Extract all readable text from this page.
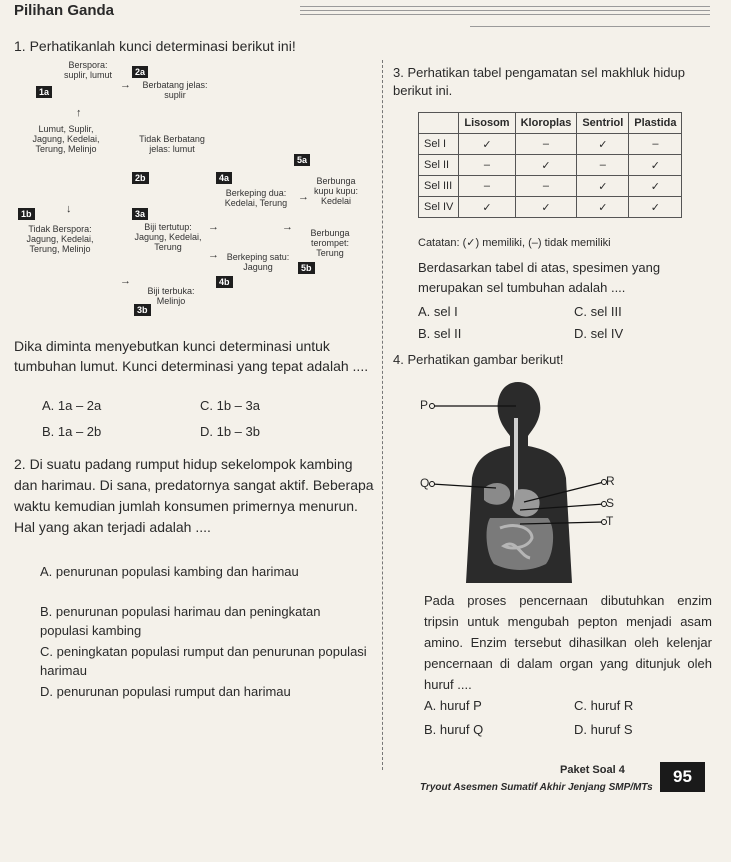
Pilihan Ganda
1. Perhatikanlah kunci determinasi berikut ini!
Berspora: suplir, lumut	2a
1a
→ Berbatang jelas: suplir
↑
Lumut, Suplir, Jagung, Kedelai, Terung, Melinjo
Tidak Berbatang jelas: lumut
2b	4a
5a
Berbunga kupu kupu: Kedelai
Berkeping dua: Kedelai, Terung →
1b	↓	3a
Tidak Berspora: Jagung, Kedelai, Terung, Melinjo
Biji tertutup: Jagung, Kedelai, Terung
→	→	Berbunga terompet: Terung
→ Berkeping satu: Jagung	5b
4b
→
Biji terbuka: Melinjo
3b
Dika diminta menyebutkan kunci determinasi untuk tumbuhan lumut. Kunci determinasi yang tepat adalah ....
A. 1a – 2a	C. 1b – 3a
B. 1a – 2b	D. 1b – 3b
2. Di suatu padang rumput hidup sekelompok kambing dan harimau. Di sana, predatornya sangat aktif. Beberapa waktu kemudian jumlah konsumen primernya menurun. Hal yang akan terjadi adalah ....
A. penurunan populasi kambing dan harimau
B. penurunan populasi harimau dan peningkatan populasi kambing
C. peningkatan populasi rumput dan penurunan populasi harimau
D. penurunan populasi rumput dan harimau
3. Perhatikan tabel pengamatan sel makhluk hidup berikut ini.
	Lisosom	Kloroplas	Sentriol	Plastida
Sel I	✓	–	✓	–
Sel II	–	✓	–	✓
Sel III	–	–	✓	✓
Sel IV	✓	✓	✓	✓
Catatan: (✓) memiliki, (–) tidak memiliki
Berdasarkan tabel di atas, spesimen yang merupakan sel tumbuhan adalah ....
A. sel I	C. sel III
B. sel II	D. sel IV
4. Perhatikan gambar berikut!
P
Q	R
S
T
Pada proses pencernaan dibutuhkan enzim tripsin untuk mengubah pepton menjadi asam amino. Enzim tersebut dihasilkan oleh kelenjar pencernaan di dalam organ yang ditunjuk oleh huruf ....
A. huruf P	C. huruf R
B. huruf Q	D. huruf S
Paket Soal 4
Tryout Asesmen Sumatif Akhir Jenjang SMP/MTs
95
